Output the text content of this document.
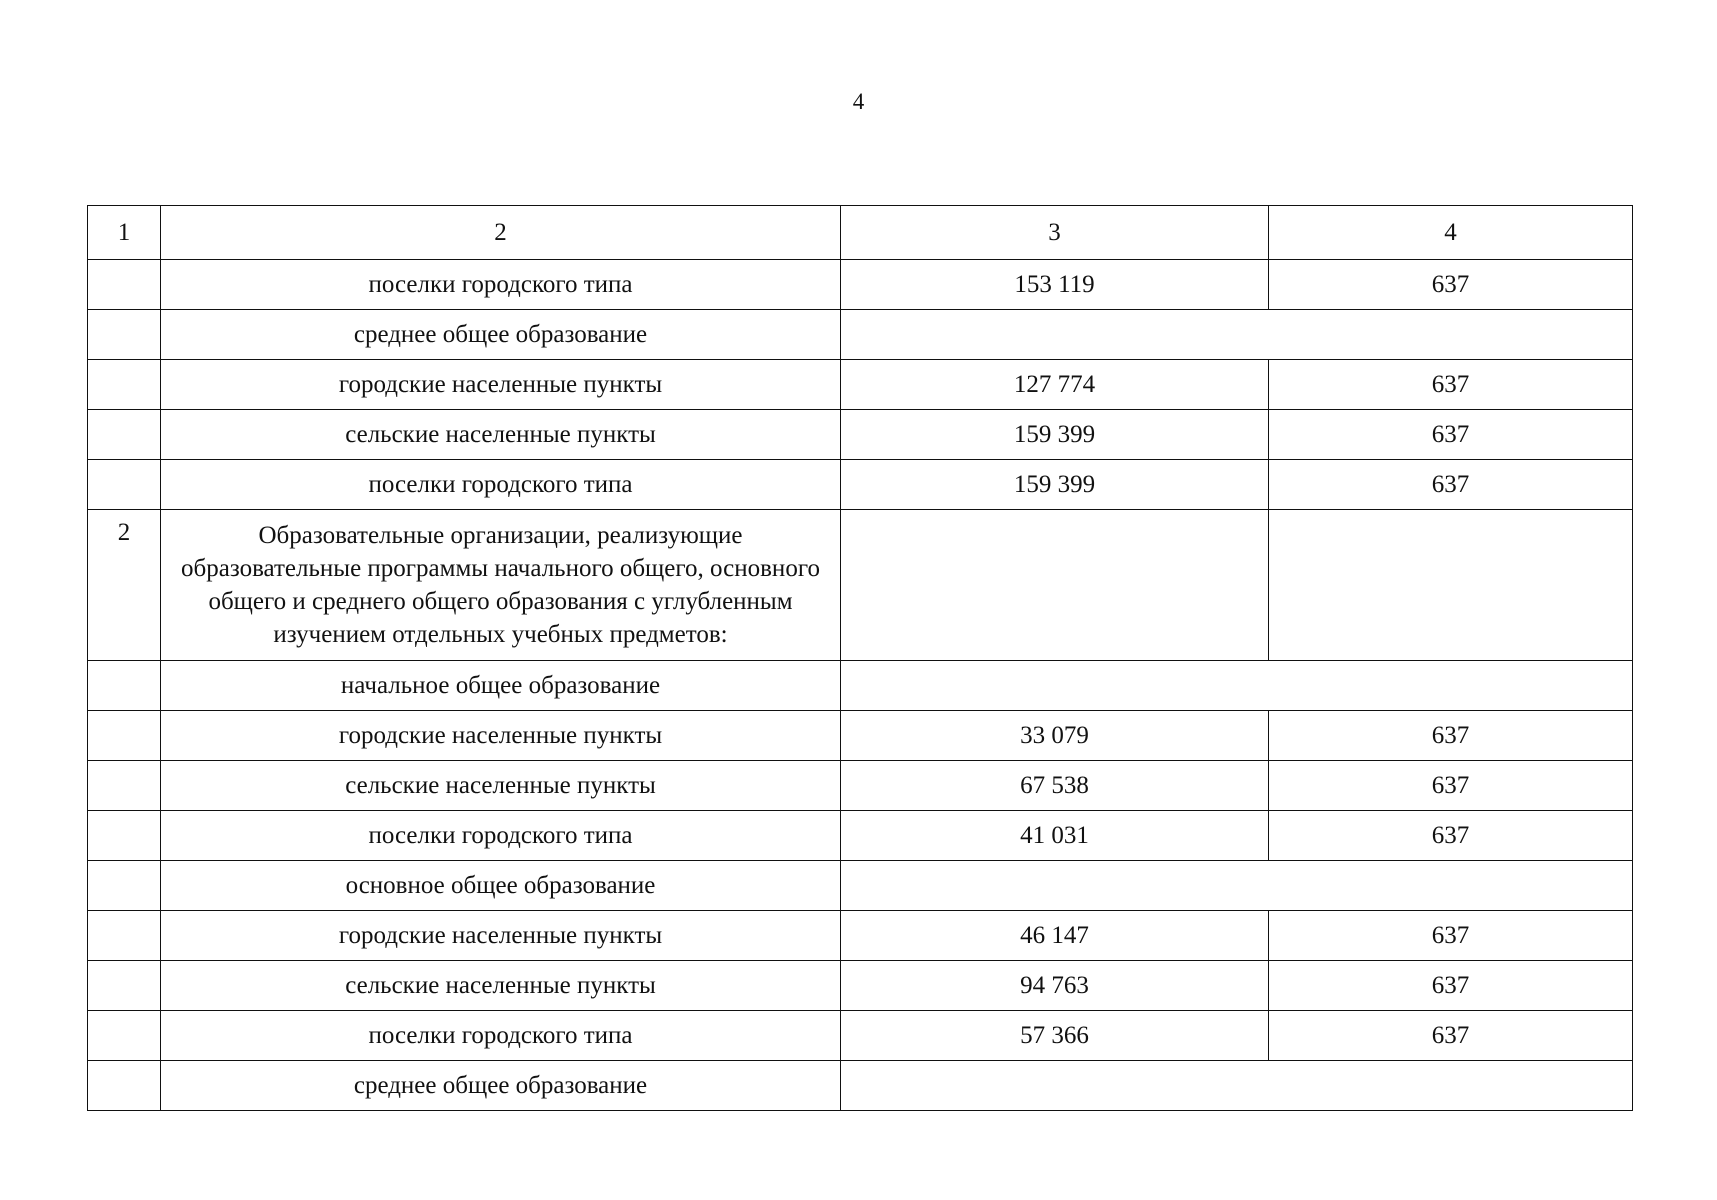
4
1	2	3	4
	поселки городского типа	153 119	637
	среднее общее образование		
	городские населенные пункты	127 774	637
	сельские населенные пункты	159 399	637
	поселки городского типа	159 399	637
2	Образовательные организации, реализующие образовательные программы начального общего, основного общего и среднего общего образования с углубленным изучением отдельных учебных предметов:		
	начальное общее образование		
	городские населенные пункты	33 079	637
	сельские населенные пункты	67 538	637
	поселки городского типа	41 031	637
	основное общее образование		
	городские населенные пункты	46 147	637
	сельские населенные пункты	94 763	637
	поселки городского типа	57 366	637
	среднее общее образование		
